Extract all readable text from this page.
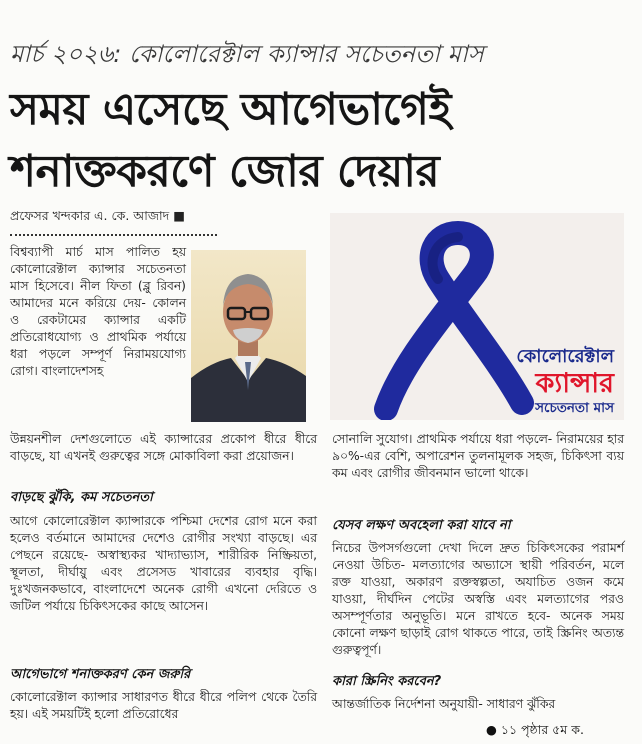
মার্চ ২০২৬: কোলোরেক্টাল ক্যান্সার সচেতনতা মাস
সময় এসেছে আগেভাগেই
শনাক্তকরণে জোর দেয়ার
প্রফেসর খন্দকার এ. কে. আজাদ ■

বিশ্বব্যাপী মার্চ মাস পালিত হয় কোলোরেক্টাল ক্যান্সার সচেতনতা মাস হিসেবে। নীল ফিতা (ব্লু রিবন) আমাদের মনে করিয়ে দেয়- কোলন ও রেকটামের ক্যান্সার একটি প্রতিরোধযোগ্য ও প্রাথমিক পর্যায়ে ধরা পড়লে সম্পূর্ণ নিরাময়যোগ্য রোগ। বাংলাদেশসহ

উন্নয়নশীল দেশগুলোতে এই ক্যান্সারের প্রকোপ ধীরে ধীরে বাড়ছে, যা এখনই গুরুত্বের সঙ্গে মোকাবিলা করা প্রয়োজন।

বাড়ছে ঝুঁকি, কম সচেতনতা

আগে কোলোরেক্টাল ক্যান্সারকে পশ্চিমা দেশের রোগ মনে করা হলেও বর্তমানে আমাদের দেশেও রোগীর সংখ্যা বাড়ছে। এর পেছনে রয়েছে- অস্বাস্থ্যকর খাদ্যাভ্যাস, শারীরিক নিষ্ক্রিয়তা, স্থূলতা, দীর্ঘায়ু এবং প্রসেসড খাবারের ব্যবহার বৃদ্ধি। দুঃখজনকভাবে, বাংলাদেশে অনেক রোগী এখনো দেরিতে ও জটিল পর্যায়ে চিকিৎসকের কাছে আসেন।

আগেভাগে শনাক্তকরণ কেন জরুরি

কোলোরেক্টাল ক্যান্সার সাধারণত ধীরে ধীরে পলিপ থেকে তৈরি হয়। এই সময়টিই হলো প্রতিরোধের

কোলোরেক্টাল
ক্যান্সার
সচেতনতা মাস

সোনালি সুযোগ। প্রাথমিক পর্যায়ে ধরা পড়লে- নিরাময়ের হার ৯০%-এর বেশি, অপারেশন তুলনামূলক সহজ, চিকিৎসা ব্যয় কম এবং রোগীর জীবনমান ভালো থাকে।

যেসব লক্ষণ অবহেলা করা যাবে না

নিচের উপসর্গগুলো দেখা দিলে দ্রুত চিকিৎসকের পরামর্শ নেওয়া উচিত- মলত্যাগের অভ্যাসে স্থায়ী পরিবর্তন, মলে রক্ত যাওয়া, অকারণ রক্তস্বল্পতা, অযাচিত ওজন কমে যাওয়া, দীর্ঘদিন পেটের অস্বস্তি এবং মলত্যাগের পরও অসম্পূর্ণতার অনুভূতি। মনে রাখতে হবে- অনেক সময় কোনো লক্ষণ ছাড়াই রোগ থাকতে পারে, তাই স্ক্রিনিং অত্যন্ত গুরুত্বপূর্ণ।

কারা স্ক্রিনিং করবেন?

আন্তর্জাতিক নির্দেশনা অনুযায়ী- সাধারণ ঝুঁকির

● ১১ পৃষ্ঠার ৫ম ক.
